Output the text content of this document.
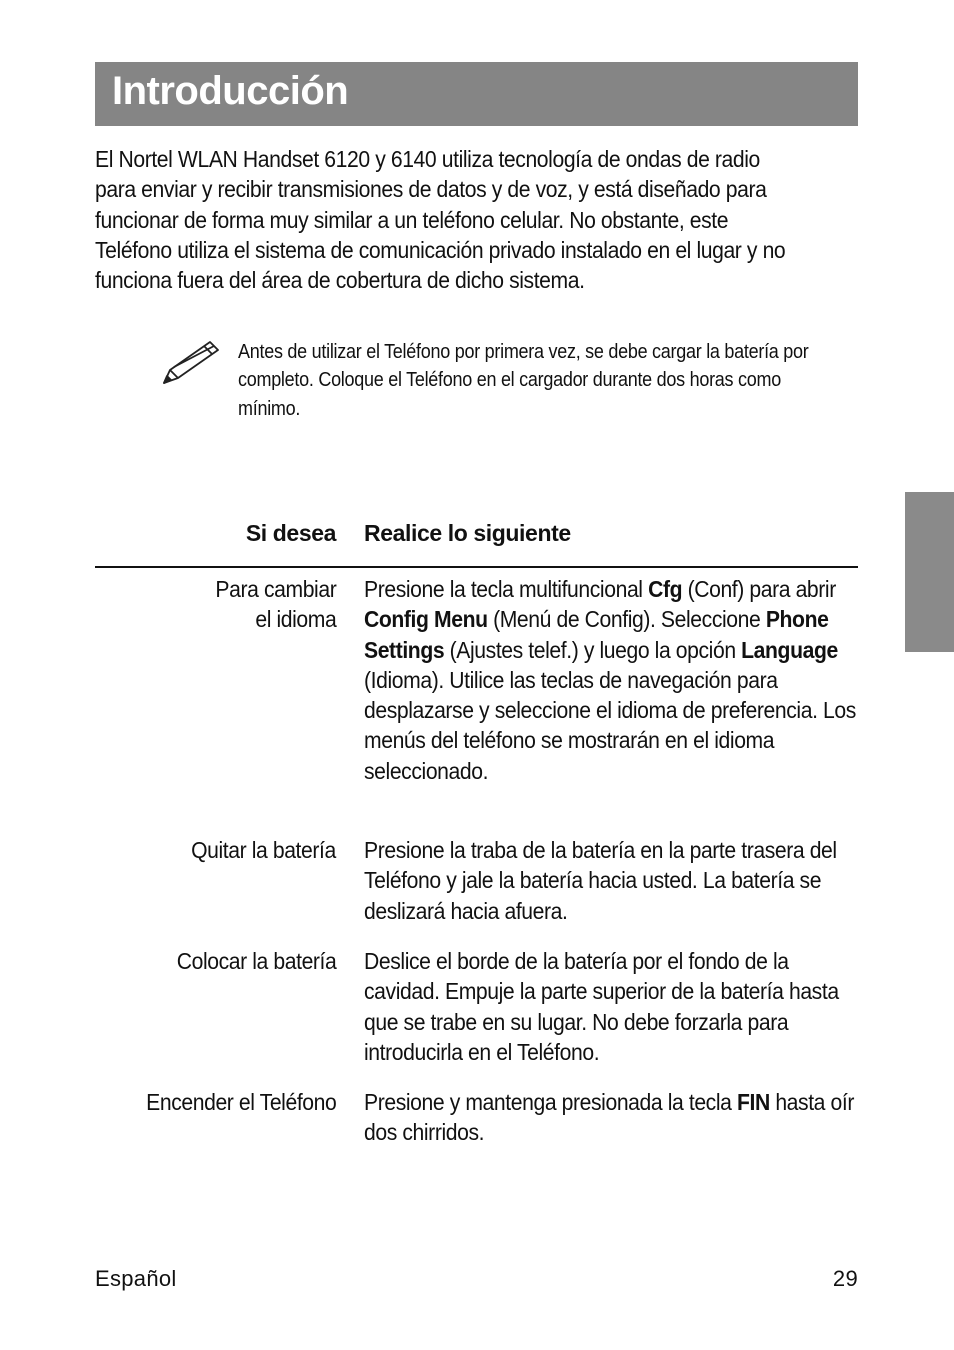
Introducción

El Nortel WLAN Handset 6120 y 6140 utiliza tecnología de ondas de radio para enviar y recibir transmisiones de datos y de voz, y está diseñado para funcionar de forma muy similar a un teléfono celular. No obstante, este Teléfono utiliza el sistema de comunicación privado instalado en el lugar y no funciona fuera del área de cobertura de dicho sistema.

Antes de utilizar el Teléfono por primera vez, se debe cargar la batería por completo. Coloque el Teléfono en el cargador durante dos horas como mínimo.

Si desea Realice lo siguiente
Para cambiar
el idioma
Presione la tecla multifuncional Cfg (Conf) para abrir Config Menu (Menú de Config). Seleccione Phone Settings (Ajustes telef.) y luego la opción Language (Idioma). Utilice las teclas de navegación para desplazarse y seleccione el idioma de preferencia. Los menús del teléfono se mostrarán en el idioma seleccionado.
Quitar la batería Presione la traba de la batería en la parte trasera del Teléfono y jale la batería hacia usted. La batería se deslizará hacia afuera.
Colocar la batería Deslice el borde de la batería por el fondo de la cavidad. Empuje la parte superior de la batería hasta que se trabe en su lugar. No debe forzarla para introducirla en el Teléfono.
Encender el Teléfono Presione y mantenga presionada la tecla FIN hasta oír dos chirridos.
Español	29
